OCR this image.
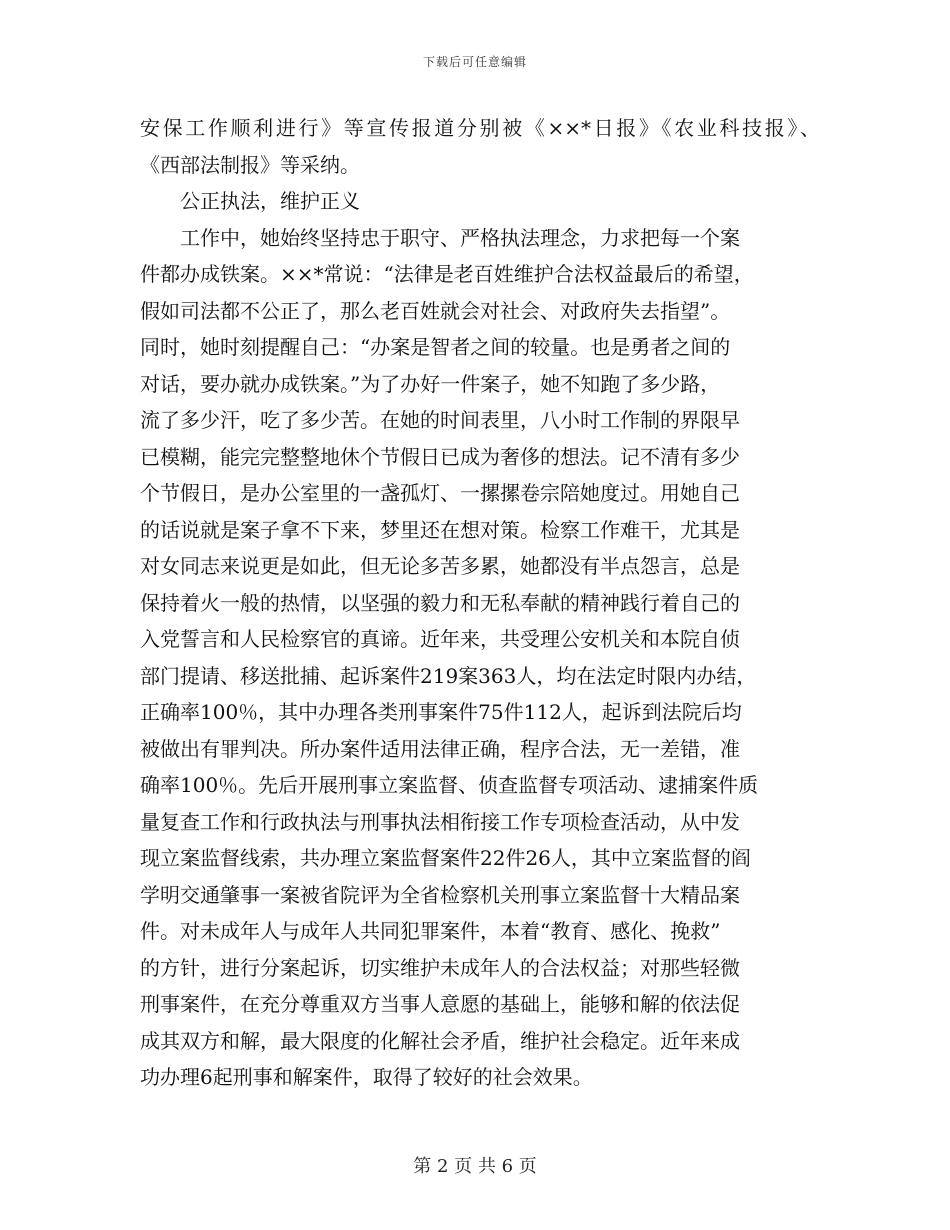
下载后可任意编辑
安保工作顺利进行》等宣传报道分别被《××*日报》《农业科技报》、
《西部法制报》等采纳。
公正执法，维护正义
工作中，她始终坚持忠于职守、严格执法理念，力求把每一个案
件都办成铁案。××*常说：“法律是老百姓维护合法权益最后的希望，
假如司法都不公正了，那么老百姓就会对社会、对政府失去指望”。
同时，她时刻提醒自己：“办案是智者之间的较量。也是勇者之间的
对话，要办就办成铁案。”为了办好一件案子，她不知跑了多少路，
流了多少汗，吃了多少苦。在她的时间表里，八小时工作制的界限早
已模糊，能完完整整地休个节假日已成为奢侈的想法。记不清有多少
个节假日，是办公室里的一盏孤灯、一摞摞卷宗陪她度过。用她自己
的话说就是案子拿不下来，梦里还在想对策。检察工作难干，尤其是
对女同志来说更是如此，但无论多苦多累，她都没有半点怨言，总是
保持着火一般的热情，以坚强的毅力和无私奉献的精神践行着自己的
入党誓言和人民检察官的真谛。近年来，共受理公安机关和本院自侦
部门提请、移送批捕、起诉案件219案363人，均在法定时限内办结，
正确率100％，其中办理各类刑事案件75件112人，起诉到法院后均
被做出有罪判决。所办案件适用法律正确，程序合法，无一差错，准
确率100％。先后开展刑事立案监督、侦查监督专项活动、逮捕案件质
量复查工作和行政执法与刑事执法相衔接工作专项检查活动，从中发
现立案监督线索，共办理立案监督案件22件26人，其中立案监督的阎
学明交通肇事一案被省院评为全省检察机关刑事立案监督十大精品案
件。对未成年人与成年人共同犯罪案件，本着“教育、感化、挽救”
的方针，进行分案起诉，切实维护未成年人的合法权益；对那些轻微
刑事案件，在充分尊重双方当事人意愿的基础上，能够和解的依法促
成其双方和解，最大限度的化解社会矛盾，维护社会稳定。近年来成
功办理6起刑事和解案件，取得了较好的社会效果。
第 2 页 共 6 页
